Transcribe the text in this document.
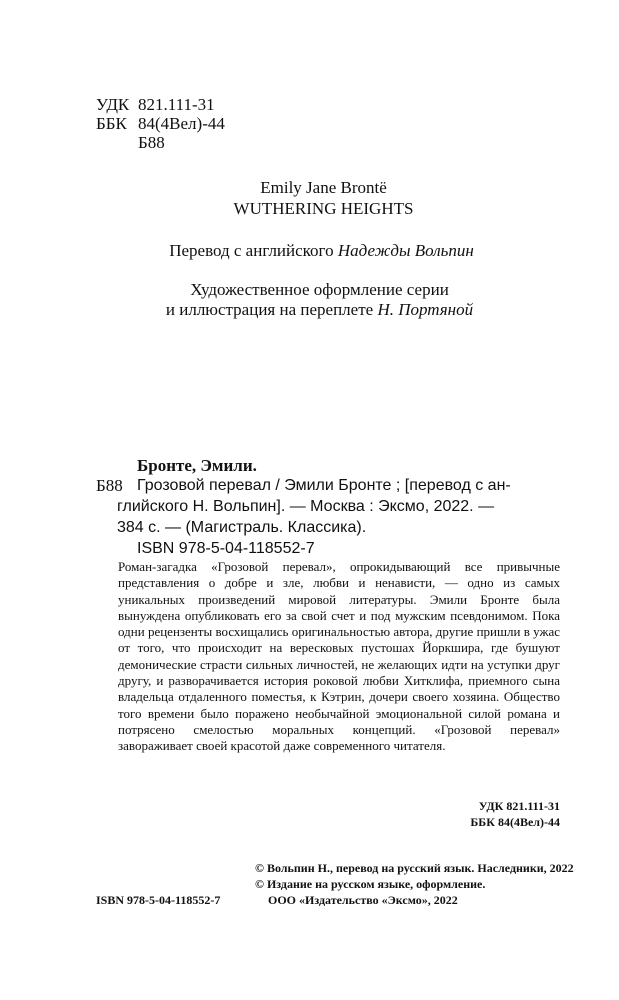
УДК 821.111-31
ББК 84(4Вел)-44
Б88
Emily Jane Brontë
WUTHERING HEIGHTS
Перевод с английского Надежды Вольпин
Художественное оформление серии
и иллюстрация на переплете Н. Портяной
Бронте, Эмили.
Б88 Грозовой перевал / Эмили Бронте ; [перевод с ан-
глийского Н. Вольпин]. — Москва : Эксмо, 2022. —
384 с. — (Магистраль. Классика).
ISBN 978-5-04-118552-7

Роман-загадка «Грозовой перевал», опрокидывающий все привычные представления о добре и зле, любви и ненависти, — одно из самых уникальных произведений мировой литературы. Эмили Бронте была вынуждена опубликовать его за свой счет и под мужским псевдонимом. Пока одни рецензенты восхищались оригинальностью автора, другие пришли в ужас от того, что происходит на вересковых пустошах Йоркшира, где бушуют демонические страсти сильных личностей, не желающих идти на уступки друг другу, и разворачивается история роковой любви Хитклифа, приемного сына владельца отдаленного поместья, к Кэтрин, дочери своего хозяина. Общество того времени было поражено необычайной эмоциональной силой романа и потрясено смелостью моральных концепций. «Грозовой перевал» завораживает своей красотой даже современного читателя.

УДК 821.111-31
ББК 84(4Вел)-44
© Вольпин Н., перевод на русский язык. Наследники, 2022
© Издание на русском языке, оформление.
ООО «Издательство «Эксмо», 2022
ISBN 978-5-04-118552-7
